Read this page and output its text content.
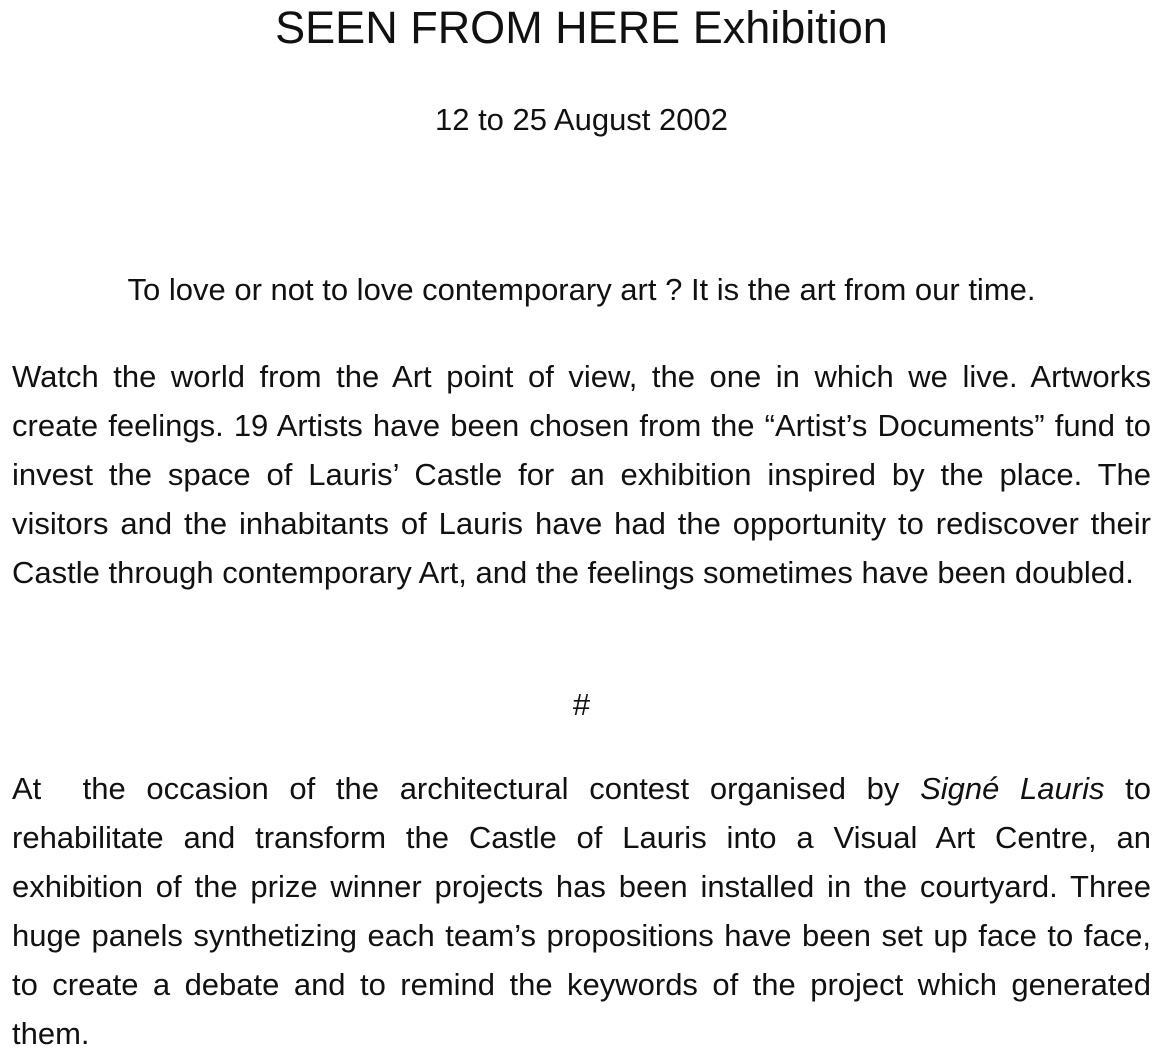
SEEN FROM HERE Exhibition
12 to 25 August 2002
To love or not to love contemporary art ? It is the art from our time.

Watch the world from the Art point of view, the one in which we live. Artworks create feelings. 19 Artists have been chosen from the “Artist’s Documents” fund to invest the space of Lauris’ Castle for an exhibition inspired by the place. The visitors and the inhabitants of Lauris have had the opportunity to rediscover their Castle through contemporary Art, and the feelings sometimes have been doubled.

#

At  the occasion of the architectural contest organised by Signé Lauris to rehabilitate and transform the Castle of Lauris into a Visual Art Centre, an exhibition of the prize winner projects has been installed in the courtyard. Three huge panels synthetizing each team’s propositions have been set up face to face, to create a debate and to remind the keywords of the project which generated them.
